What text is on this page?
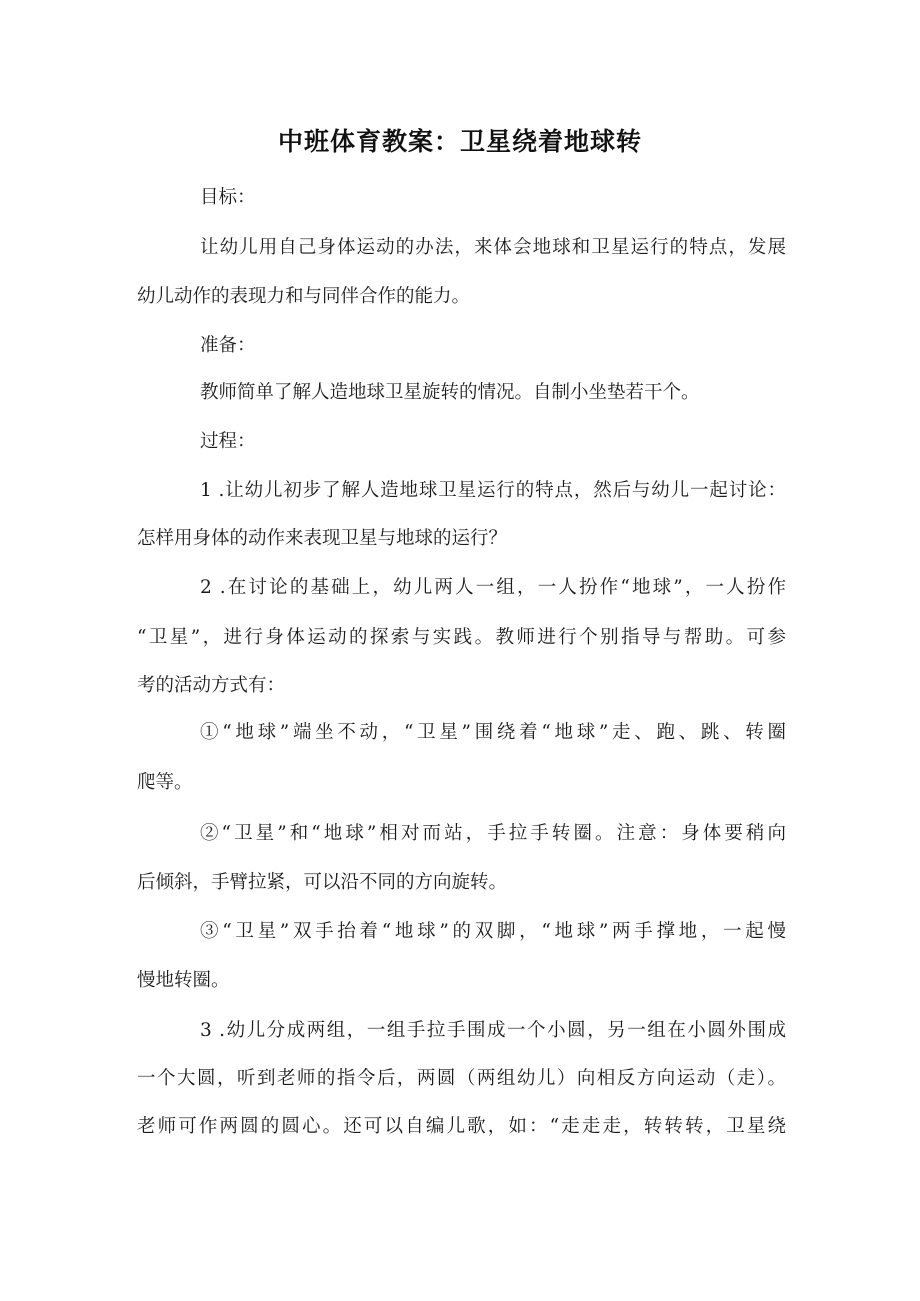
中班体育教案：卫星绕着地球转
目标：
让幼儿用自己身体运动的办法，来体会地球和卫星运行的特点，发展
幼儿动作的表现力和与同伴合作的能力。
准备：
教师简单了解人造地球卫星旋转的情况。自制小坐垫若干个。
过程：
1 .让幼儿初步了解人造地球卫星运行的特点，然后与幼儿一起讨论：
怎样用身体的动作来表现卫星与地球的运行？
2 .在讨论的基础上，幼儿两人一组，一人扮作“地球”，一人扮作
“卫星”，进行身体运动的探索与实践。教师进行个别指导与帮助。可参
考的活动方式有：
①“地球”端坐不动，“卫星”围绕着“地球”走、跑、跳、转圈
爬等。
②“卫星”和“地球”相对而站，手拉手转圈。注意：身体要稍向
后倾斜，手臂拉紧，可以沿不同的方向旋转。
③“卫星”双手抬着“地球”的双脚，“地球”两手撑地，一起慢
慢地转圈。
3 .幼儿分成两组，一组手拉手围成一个小圆，另一组在小圆外围成
一个大圆，听到老师的指令后，两圆（两组幼儿）向相反方向运动（走）。
老师可作两圆的圆心。还可以自编儿歌，如：“走走走，转转转，卫星绕
